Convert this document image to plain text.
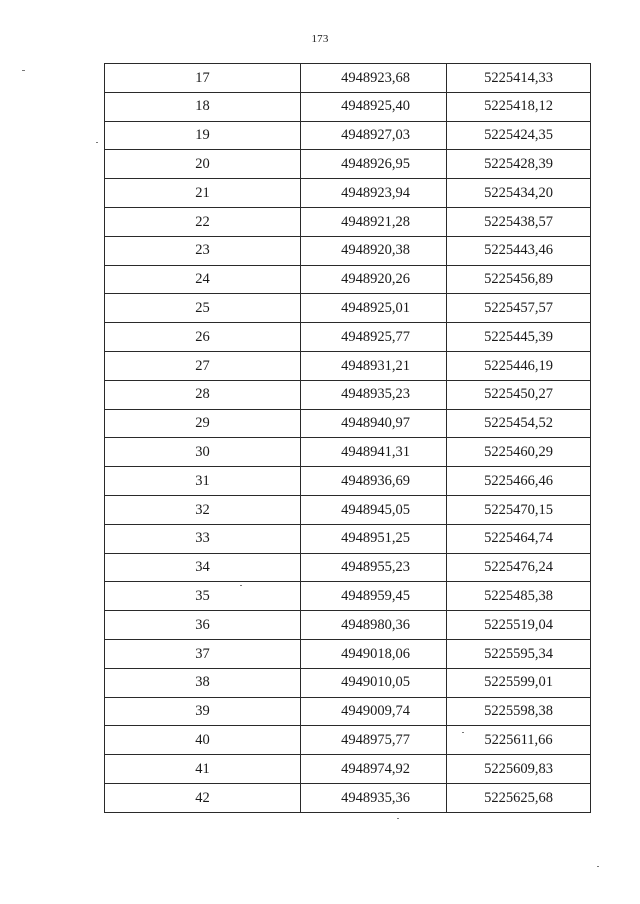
173
17	4948923,68	5225414,33
18	4948925,40	5225418,12
19	4948927,03	5225424,35
20	4948926,95	5225428,39
21	4948923,94	5225434,20
22	4948921,28	5225438,57
23	4948920,38	5225443,46
24	4948920,26	5225456,89
25	4948925,01	5225457,57
26	4948925,77	5225445,39
27	4948931,21	5225446,19
28	4948935,23	5225450,27
29	4948940,97	5225454,52
30	4948941,31	5225460,29
31	4948936,69	5225466,46
32	4948945,05	5225470,15
33	4948951,25	5225464,74
34	4948955,23	5225476,24
35	4948959,45	5225485,38
36	4948980,36	5225519,04
37	4949018,06	5225595,34
38	4949010,05	5225599,01
39	4949009,74	5225598,38
40	4948975,77	5225611,66
41	4948974,92	5225609,83
42	4948935,36	5225625,68
